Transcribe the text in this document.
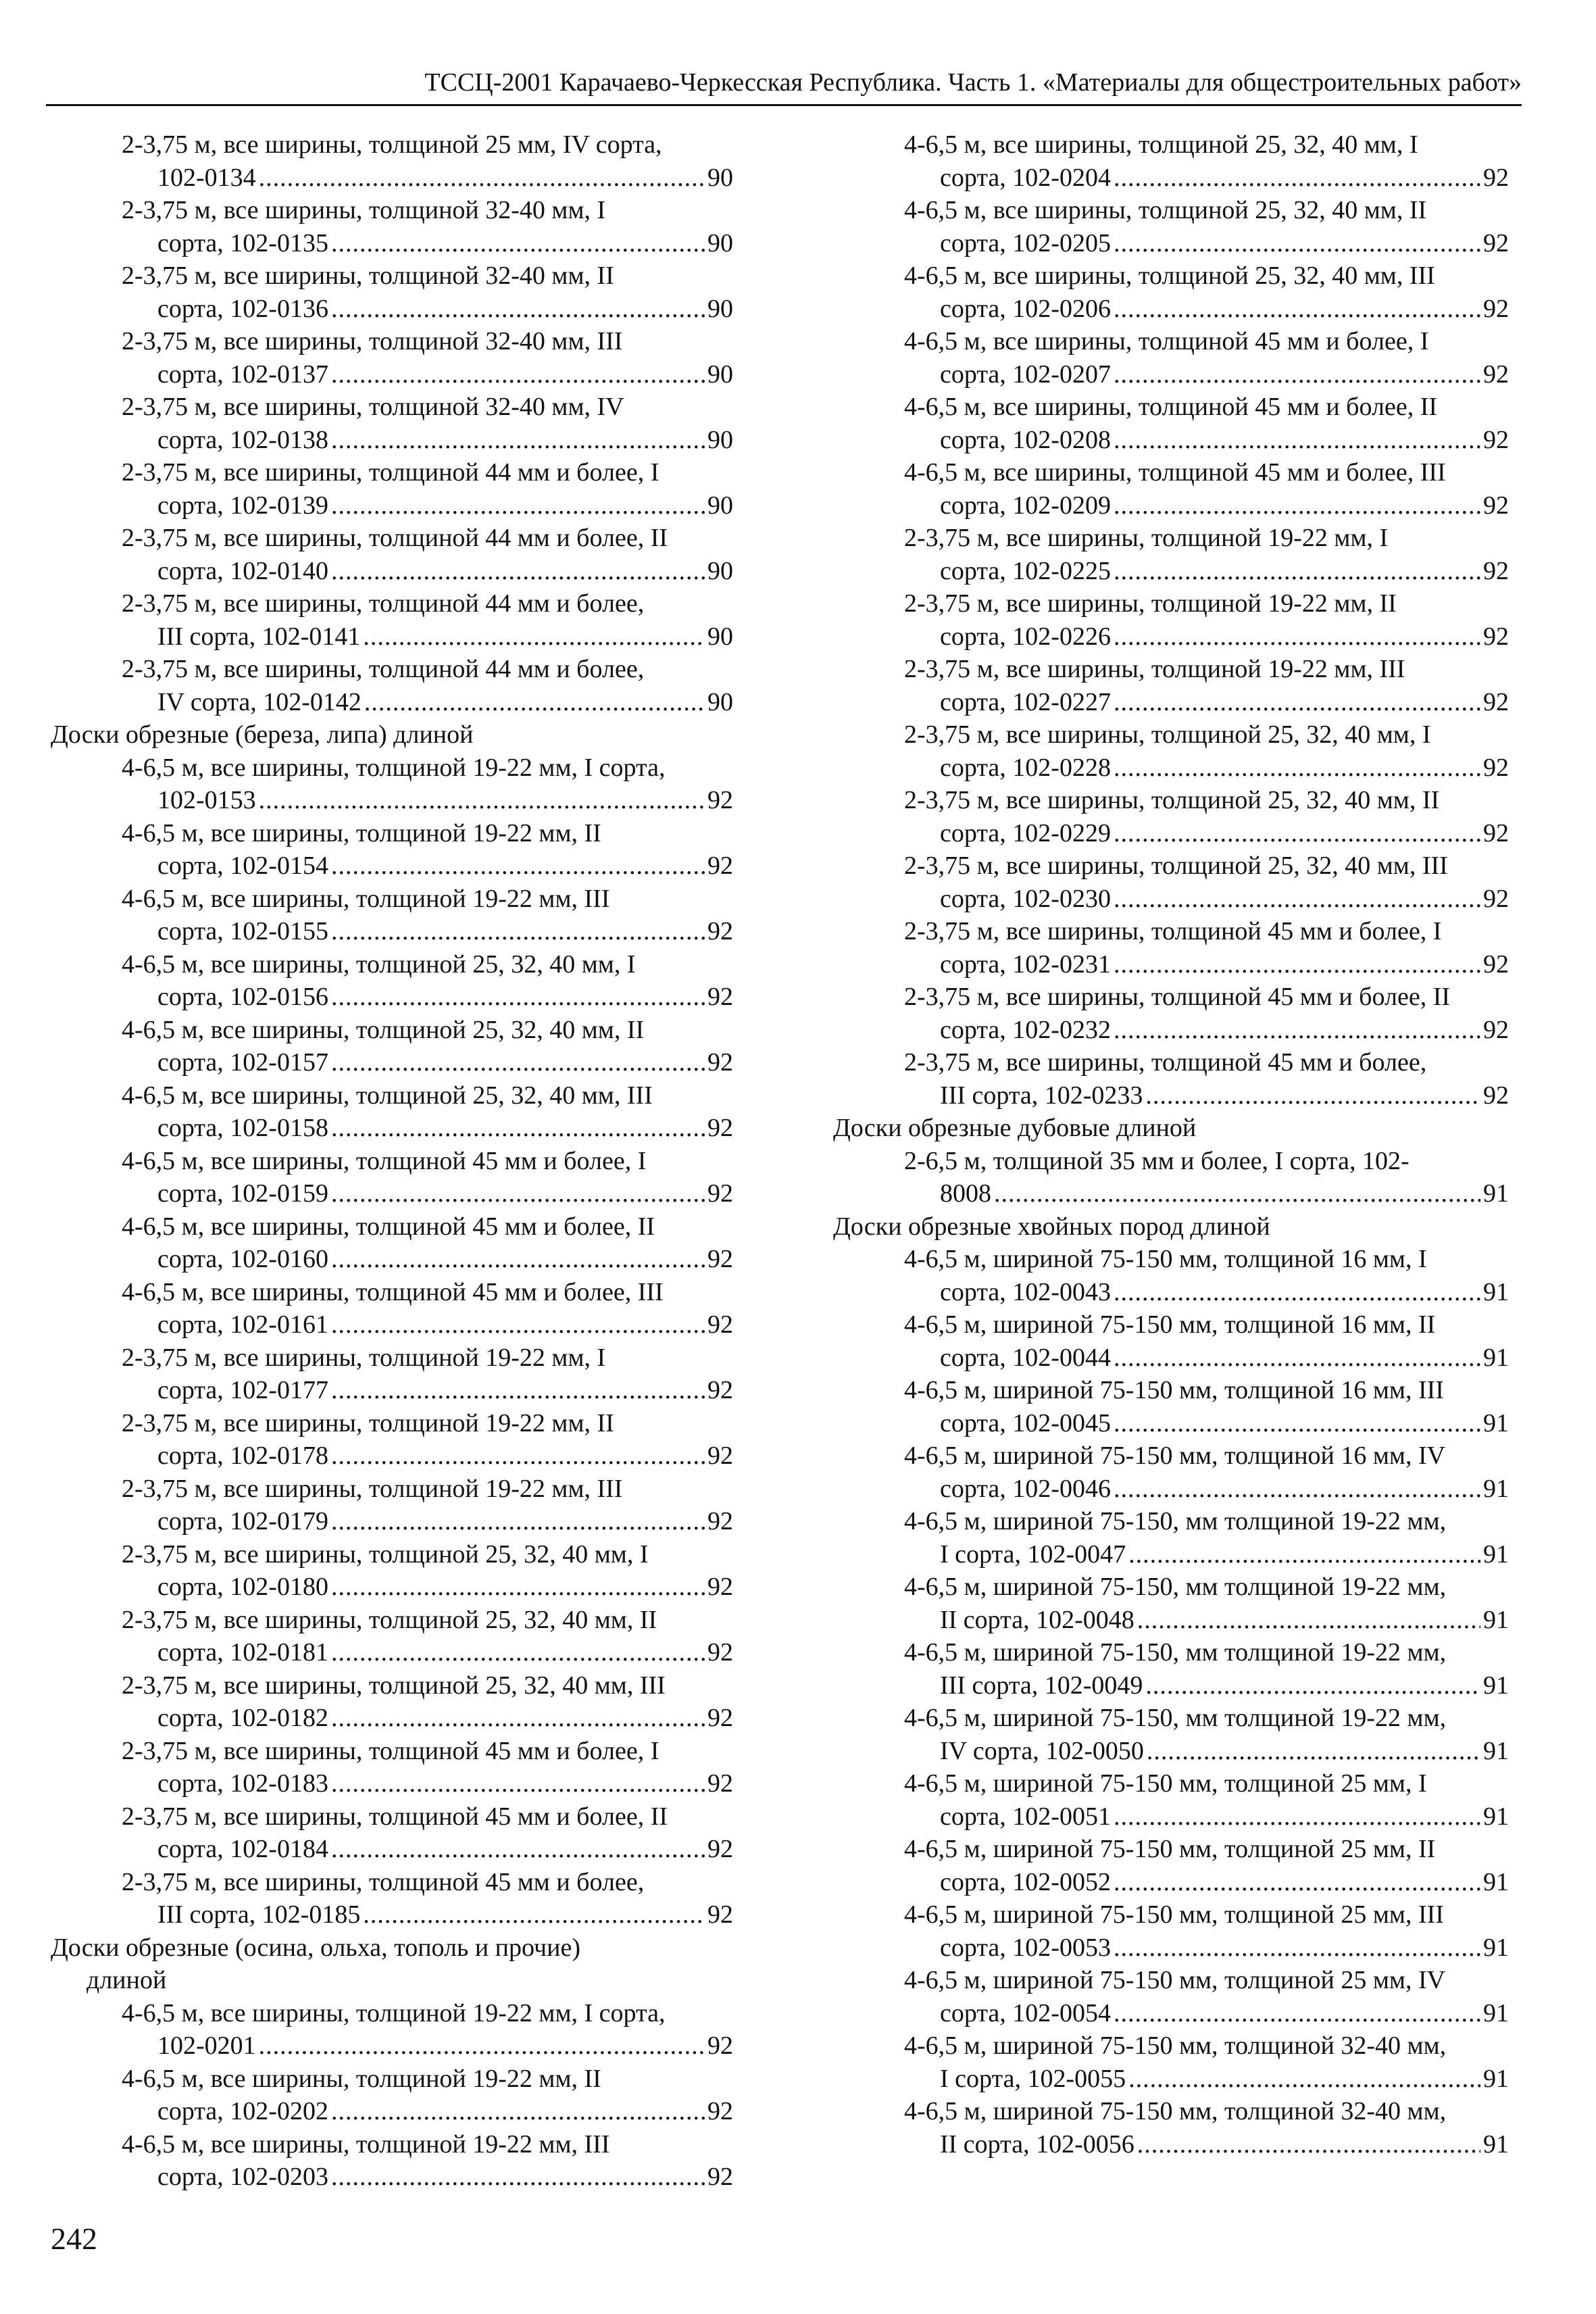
ТССЦ-2001 Карачаево-Черкесская Республика. Часть 1. «Материалы для общестроительных работ»
2-3,75 м, все ширины, толщиной 25 мм, IV сорта,
102-0134 .....	90
2-3,75 м, все ширины, толщиной 32-40 мм, I
сорта, 102-0135 .....	90
2-3,75 м, все ширины, толщиной 32-40 мм, II
сорта, 102-0136 .....	90
2-3,75 м, все ширины, толщиной 32-40 мм, III
сорта, 102-0137 .....	90
2-3,75 м, все ширины, толщиной 32-40 мм, IV
сорта, 102-0138 .....	90
2-3,75 м, все ширины, толщиной 44 мм и более, I
сорта, 102-0139 .....	90
2-3,75 м, все ширины, толщиной 44 мм и более, II
сорта, 102-0140 .....	90
2-3,75 м, все ширины, толщиной 44 мм и более,
III сорта, 102-0141 .....	90
2-3,75 м, все ширины, толщиной 44 мм и более,
IV сорта, 102-0142 .....	90
Доски обрезные (береза, липа) длиной
4-6,5 м, все ширины, толщиной 19-22 мм, I сорта,
102-0153 .....	92
4-6,5 м, все ширины, толщиной 19-22 мм, II
сорта, 102-0154 .....	92
4-6,5 м, все ширины, толщиной 19-22 мм, III
сорта, 102-0155 .....	92
4-6,5 м, все ширины, толщиной 25, 32, 40 мм, I
сорта, 102-0156 .....	92
4-6,5 м, все ширины, толщиной 25, 32, 40 мм, II
сорта, 102-0157 .....	92
4-6,5 м, все ширины, толщиной 25, 32, 40 мм, III
сорта, 102-0158 .....	92
4-6,5 м, все ширины, толщиной 45 мм и более, I
сорта, 102-0159 .....	92
4-6,5 м, все ширины, толщиной 45 мм и более, II
сорта, 102-0160 .....	92
4-6,5 м, все ширины, толщиной 45 мм и более, III
сорта, 102-0161 .....	92
2-3,75 м, все ширины, толщиной 19-22 мм, I
сорта, 102-0177 .....	92
2-3,75 м, все ширины, толщиной 19-22 мм, II
сорта, 102-0178 .....	92
2-3,75 м, все ширины, толщиной 19-22 мм, III
сорта, 102-0179 .....	92
2-3,75 м, все ширины, толщиной 25, 32, 40 мм, I
сорта, 102-0180 .....	92
2-3,75 м, все ширины, толщиной 25, 32, 40 мм, II
сорта, 102-0181 .....	92
2-3,75 м, все ширины, толщиной 25, 32, 40 мм, III
сорта, 102-0182 .....	92
2-3,75 м, все ширины, толщиной 45 мм и более, I
сорта, 102-0183 .....	92
2-3,75 м, все ширины, толщиной 45 мм и более, II
сорта, 102-0184 .....	92
2-3,75 м, все ширины, толщиной 45 мм и более,
III сорта, 102-0185 .....	92
Доски обрезные (осина, ольха, тополь и прочие)
длиной
4-6,5 м, все ширины, толщиной 19-22 мм, I сорта,
102-0201 .....	92
4-6,5 м, все ширины, толщиной 19-22 мм, II
сорта, 102-0202 .....	92
4-6,5 м, все ширины, толщиной 19-22 мм, III
сорта, 102-0203 .....	92
4-6,5 м, все ширины, толщиной 25, 32, 40 мм, I
сорта, 102-0204 .....	92
4-6,5 м, все ширины, толщиной 25, 32, 40 мм, II
сорта, 102-0205 .....	92
4-6,5 м, все ширины, толщиной 25, 32, 40 мм, III
сорта, 102-0206 .....	92
4-6,5 м, все ширины, толщиной 45 мм и более, I
сорта, 102-0207 .....	92
4-6,5 м, все ширины, толщиной 45 мм и более, II
сорта, 102-0208 .....	92
4-6,5 м, все ширины, толщиной 45 мм и более, III
сорта, 102-0209 .....	92
2-3,75 м, все ширины, толщиной 19-22 мм, I
сорта, 102-0225 .....	92
2-3,75 м, все ширины, толщиной 19-22 мм, II
сорта, 102-0226 .....	92
2-3,75 м, все ширины, толщиной 19-22 мм, III
сорта, 102-0227 .....	92
2-3,75 м, все ширины, толщиной 25, 32, 40 мм, I
сорта, 102-0228 .....	92
2-3,75 м, все ширины, толщиной 25, 32, 40 мм, II
сорта, 102-0229 .....	92
2-3,75 м, все ширины, толщиной 25, 32, 40 мм, III
сорта, 102-0230 .....	92
2-3,75 м, все ширины, толщиной 45 мм и более, I
сорта, 102-0231 .....	92
2-3,75 м, все ширины, толщиной 45 мм и более, II
сорта, 102-0232 .....	92
2-3,75 м, все ширины, толщиной 45 мм и более,
III сорта, 102-0233 .....	92
Доски обрезные дубовые длиной
2-6,5 м, толщиной 35 мм и более, I сорта, 102-
8008 .....	91
Доски обрезные хвойных пород длиной
4-6,5 м, шириной 75-150 мм, толщиной 16 мм, I
сорта, 102-0043 .....	91
4-6,5 м, шириной 75-150 мм, толщиной 16 мм, II
сорта, 102-0044 .....	91
4-6,5 м, шириной 75-150 мм, толщиной 16 мм, III
сорта, 102-0045 .....	91
4-6,5 м, шириной 75-150 мм, толщиной 16 мм, IV
сорта, 102-0046 .....	91
4-6,5 м, шириной 75-150, мм толщиной 19-22 мм,
I сорта, 102-0047 .....	91
4-6,5 м, шириной 75-150, мм толщиной 19-22 мм,
II сорта, 102-0048 .....	91
4-6,5 м, шириной 75-150, мм толщиной 19-22 мм,
III сорта, 102-0049 .....	91
4-6,5 м, шириной 75-150, мм толщиной 19-22 мм,
IV сорта, 102-0050 .....	91
4-6,5 м, шириной 75-150 мм, толщиной 25 мм, I
сорта, 102-0051 .....	91
4-6,5 м, шириной 75-150 мм, толщиной 25 мм, II
сорта, 102-0052 .....	91
4-6,5 м, шириной 75-150 мм, толщиной 25 мм, III
сорта, 102-0053 .....	91
4-6,5 м, шириной 75-150 мм, толщиной 25 мм, IV
сорта, 102-0054 .....	91
4-6,5 м, шириной 75-150 мм, толщиной 32-40 мм,
I сорта, 102-0055 .....	91
4-6,5 м, шириной 75-150 мм, толщиной 32-40 мм,
II сорта, 102-0056 .....	91
242
